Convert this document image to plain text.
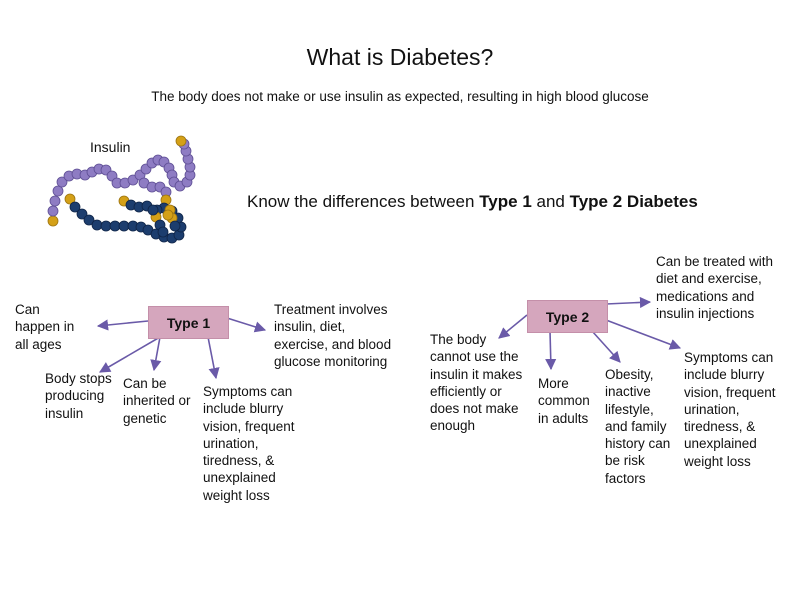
What is Diabetes?
The body does not make or use insulin as expected, resulting in high blood glucose
Insulin
Know the differences between Type 1 and Type 2 Diabetes
Type 1	Type 2
Can
happen in
all ages
Body stops
producing
insulin
Can be
inherited or
genetic
Symptoms can
include blurry
vision, frequent
urination,
tiredness, &
unexplained
weight loss
Treatment involves
insulin, diet,
exercise, and blood
glucose monitoring
The body
cannot use the
insulin it makes
efficiently or
does not make
enough
More
common
in adults
Obesity,
inactive
lifestyle,
and family
history can
be risk
factors
Symptoms can
include blurry
vision, frequent
urination,
tiredness, &
unexplained
weight loss
Can be treated with
diet and exercise,
medications and
insulin injections
